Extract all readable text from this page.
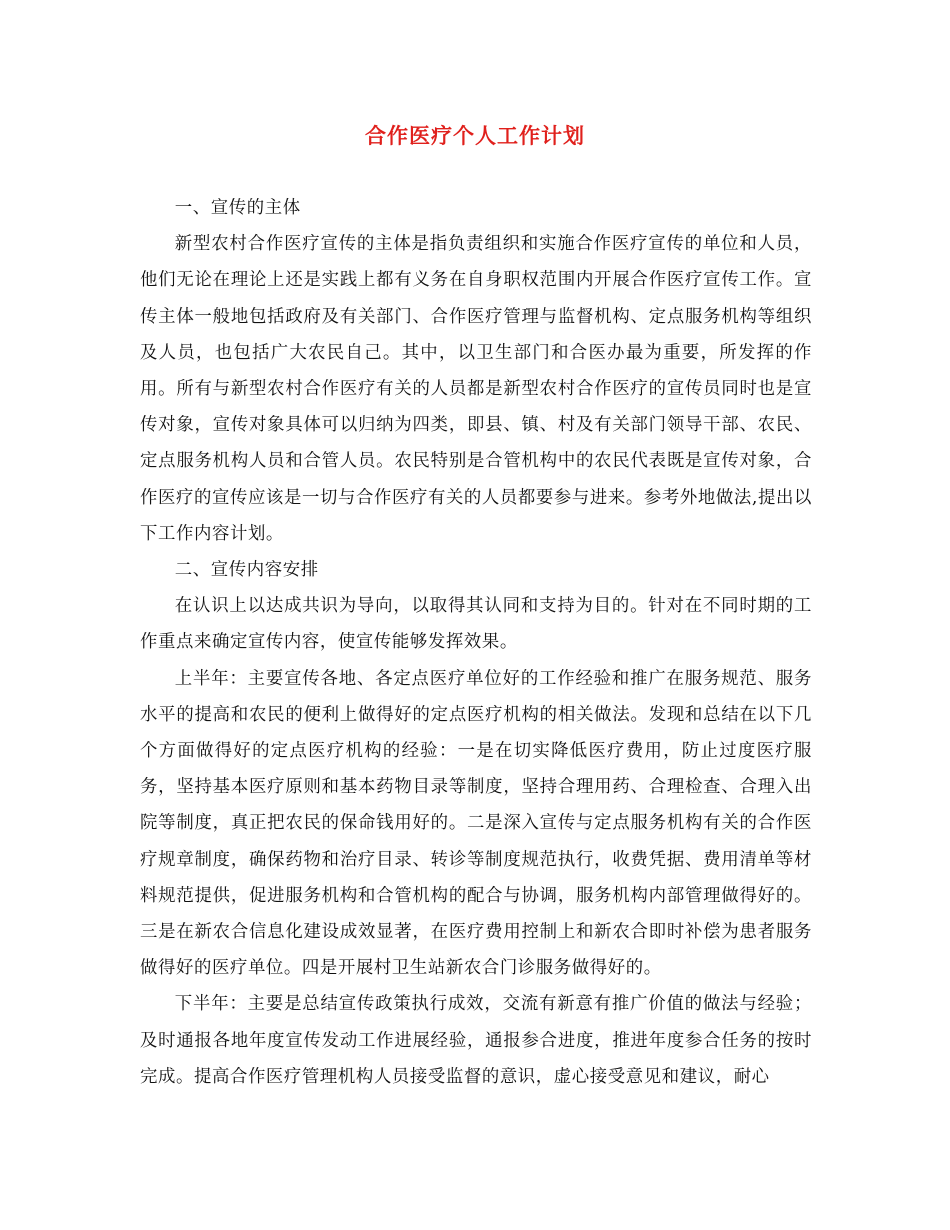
合作医疗个人工作计划

一、宣传的主体

新型农村合作医疗宣传的主体是指负责组织和实施合作医疗宣传的单位和人员，他们无论在理论上还是实践上都有义务在自身职权范围内开展合作医疗宣传工作。宣传主体一般地包括政府及有关部门、合作医疗管理与监督机构、定点服务机构等组织及人员，也包括广大农民自己。其中，以卫生部门和合医办最为重要，所发挥的作用。所有与新型农村合作医疗有关的人员都是新型农村合作医疗的宣传员同时也是宣传对象，宣传对象具体可以归纳为四类，即县、镇、村及有关部门领导干部、农民、定点服务机构人员和合管人员。农民特别是合管机构中的农民代表既是宣传对象，合作医疗的宣传应该是一切与合作医疗有关的人员都要参与进来。参考外地做法,提出以下工作内容计划。

二、宣传内容安排

在认识上以达成共识为导向，以取得其认同和支持为目的。针对在不同时期的工作重点来确定宣传内容，使宣传能够发挥效果。

上半年：主要宣传各地、各定点医疗单位好的工作经验和推广在服务规范、服务水平的提高和农民的便利上做得好的定点医疗机构的相关做法。发现和总结在以下几个方面做得好的定点医疗机构的经验：一是在切实降低医疗费用，防止过度医疗服务，坚持基本医疗原则和基本药物目录等制度，坚持合理用药、合理检查、合理入出院等制度，真正把农民的保命钱用好的。二是深入宣传与定点服务机构有关的合作医疗规章制度，确保药物和治疗目录、转诊等制度规范执行，收费凭据、费用清单等材料规范提供，促进服务机构和合管机构的配合与协调，服务机构内部管理做得好的。三是在新农合信息化建设成效显著，在医疗费用控制上和新农合即时补偿为患者服务做得好的医疗单位。四是开展村卫生站新农合门诊服务做得好的。

下半年：主要是总结宣传政策执行成效，交流有新意有推广价值的做法与经验；及时通报各地年度宣传发动工作进展经验，通报参合进度，推进年度参合任务的按时完成。提高合作医疗管理机构人员接受监督的意识，虚心接受意见和建议，耐心
